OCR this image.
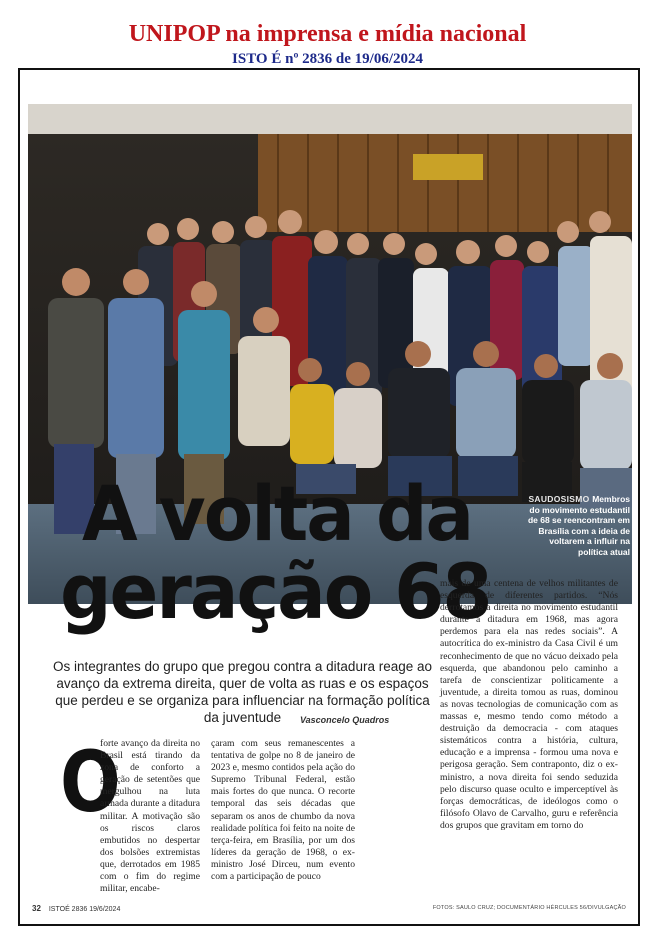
UNIPOP na imprensa e mídia nacional
ISTO É nº 2836 de 19/06/2024
SAUDOSISMO Membros do movimento estudantil de 68 se reencontram em Brasília com a ideia de voltarem a influir na política atual
A volta da
geração 68
Os integrantes do grupo que pregou contra a ditadura reage ao avanço da extrema direita, quer de volta as ruas e os espaços que perdeu e se organiza para influenciar na formação política da juventude	Vasconcelo Quadros
O
forte avanço da direita no Brasil está tirando da zona de conforto a geração de setentões que mergulhou na luta armada durante a ditadura militar. A motivação são os riscos claros embutidos no despertar dos bolsões extremistas que, derrotados em 1985 com o fim do regime militar, encabe-
çaram com seus remanescentes a tentativa de golpe no 8 de janeiro de 2023 e, mesmo contidos pela ação do Supremo Tribunal Federal, estão mais fortes do que nunca. O recorte temporal das seis décadas que separam os anos de chumbo da nova realidade política foi feito na noite de terça-feira, em Brasília, por um dos líderes da geração de 1968, o ex-ministro José Dirceu, num evento com a participação de pouco
mais de uma centena de velhos militantes de esquerda de diferentes partidos. “Nós derrotamos a direita no movimento estudantil durante a ditadura em 1968, mas agora perdemos para ela nas redes sociais”. A autocrítica do ex-ministro da Casa Civil é um reconhecimento de que no vácuo deixado pela esquerda, que abandonou pelo caminho a tarefa de conscientizar politicamente a juventude, a direita tomou as ruas, dominou as novas tecnologias de comunicação com as massas e, mesmo tendo como método a destruição da democracia - com ataques sistemáticos contra a história, cultura, educação e a imprensa - formou uma nova e perigosa geração. Sem contraponto, diz o ex-ministro, a nova direita foi sendo seduzida pelo discurso quase oculto e imperceptível às forças democráticas, de ideólogos como o filósofo Olavo de Carvalho, guru e referência dos grupos que gravitam em torno do
32 ISTOÉ 2836 19/6/2024	FOTOS: SAULO CRUZ; DOCUMENTÁRIO HÉRCULES 56/DIVULGAÇÃO
